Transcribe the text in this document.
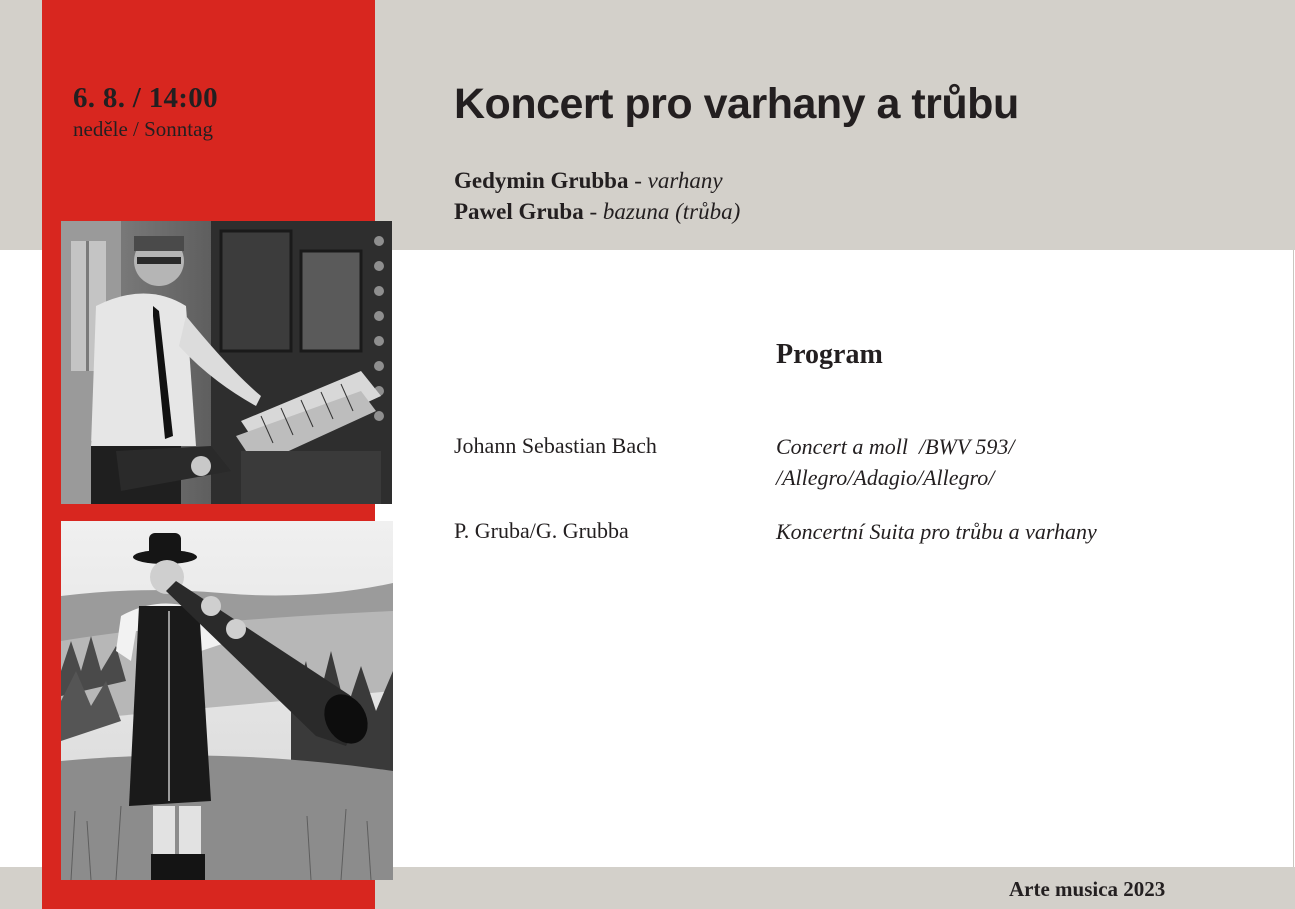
6. 8. / 14:00
neděle / Sonntag
Koncert pro varhany a trůbu
Gedymin Grubba - varhany
Pawel Gruba - bazuna (trůba)
Program
Johann Sebastian Bach	Concert a moll  /BWV 593/
/Allegro/Adagio/Allegro/
P. Gruba/G. Grubba	Koncertní Suita pro trůbu a varhany
Arte musica 2023
